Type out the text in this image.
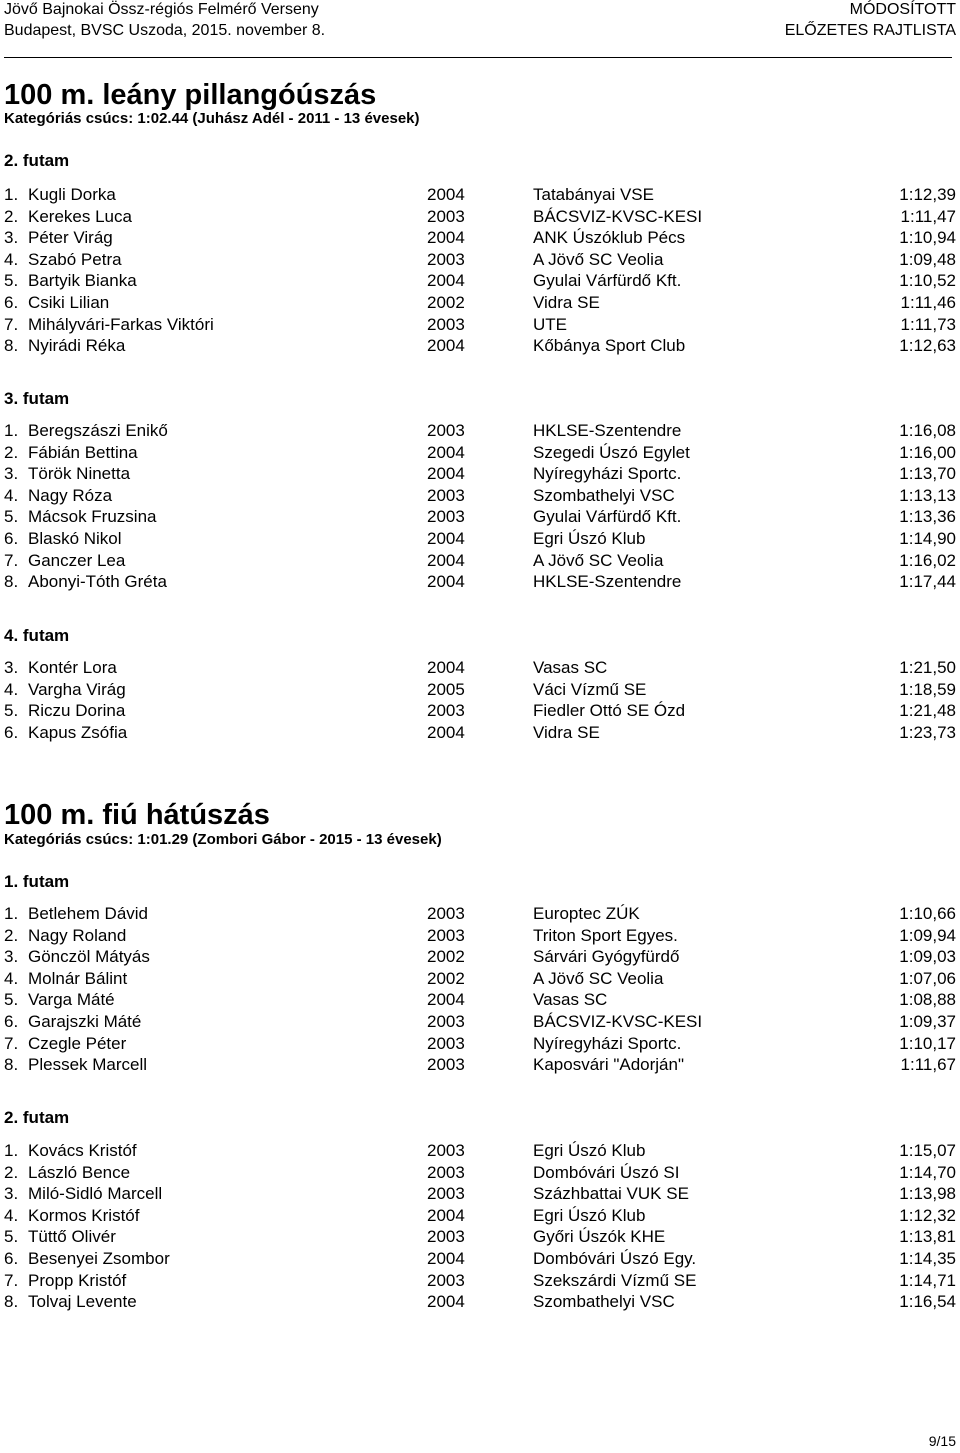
Jövő Bajnokai Össz-régiós Felmérő Verseny
Budapest, BVSC Uszoda, 2015. november 8.
MÓDOSÍTOTT
ELŐZETES RAJTLISTA
100 m. leány pillangóúszás
Kategóriás csúcs: 1:02.44 (Juhász Adél - 2011 - 13 évesek)
2. futam
1. Kugli Dorka	2004	Tatabányai VSE	1:12,39
2. Kerekes Luca	2003	BÁCSVIZ-KVSC-KESI	1:11,47
3. Péter Virág	2004	ANK Úszóklub Pécs	1:10,94
4. Szabó Petra	2003	A Jövő SC Veolia	1:09,48
5. Bartyik Bianka	2004	Gyulai Várfürdő Kft.	1:10,52
6. Csiki Lilian	2002	Vidra SE	1:11,46
7. Mihályvári-Farkas Viktóri	2003	UTE	1:11,73
8. Nyirádi Réka	2004	Kőbánya Sport Club	1:12,63
3. futam
1. Beregszászi Enikő	2003	HKLSE-Szentendre	1:16,08
2. Fábián Bettina	2004	Szegedi Úszó Egylet	1:16,00
3. Török Ninetta	2004	Nyíregyházi Sportc.	1:13,70
4. Nagy Róza	2003	Szombathelyi VSC	1:13,13
5. Mácsok Fruzsina	2003	Gyulai Várfürdő Kft.	1:13,36
6. Blaskó Nikol	2004	Egri Úszó Klub	1:14,90
7. Ganczer Lea	2004	A Jövő SC Veolia	1:16,02
8. Abonyi-Tóth Gréta	2004	HKLSE-Szentendre	1:17,44
4. futam
3. Kontér Lora	2004	Vasas SC	1:21,50
4. Vargha Virág	2005	Váci Vízmű SE	1:18,59
5. Riczu Dorina	2003	Fiedler Ottó SE Ózd	1:21,48
6. Kapus Zsófia	2004	Vidra SE	1:23,73
100 m. fiú hátúszás
Kategóriás csúcs: 1:01.29 (Zombori Gábor - 2015 - 13 évesek)
1. futam
1. Betlehem Dávid	2003	Europtec ZÚK	1:10,66
2. Nagy Roland	2003	Triton Sport Egyes.	1:09,94
3. Gönczöl Mátyás	2002	Sárvári Gyógyfürdő	1:09,03
4. Molnár Bálint	2002	A Jövő SC Veolia	1:07,06
5. Varga Máté	2004	Vasas SC	1:08,88
6. Garajszki Máté	2003	BÁCSVIZ-KVSC-KESI	1:09,37
7. Czegle Péter	2003	Nyíregyházi Sportc.	1:10,17
8. Plessek Marcell	2003	Kaposvári "Adorján"	1:11,67
2. futam
1. Kovács Kristóf	2003	Egri Úszó Klub	1:15,07
2. László Bence	2003	Dombóvári Úszó SI	1:14,70
3. Miló-Sidló Marcell	2003	Százhbattai VUK SE	1:13,98
4. Kormos Kristóf	2004	Egri Úszó Klub	1:12,32
5. Tüttő Olivér	2003	Győri Úszók KHE	1:13,81
6. Besenyei Zsombor	2004	Dombóvári Úszó Egy.	1:14,35
7. Propp Kristóf	2003	Szekszárdi Vízmű SE	1:14,71
8. Tolvaj Levente	2004	Szombathelyi VSC	1:16,54
9/15
